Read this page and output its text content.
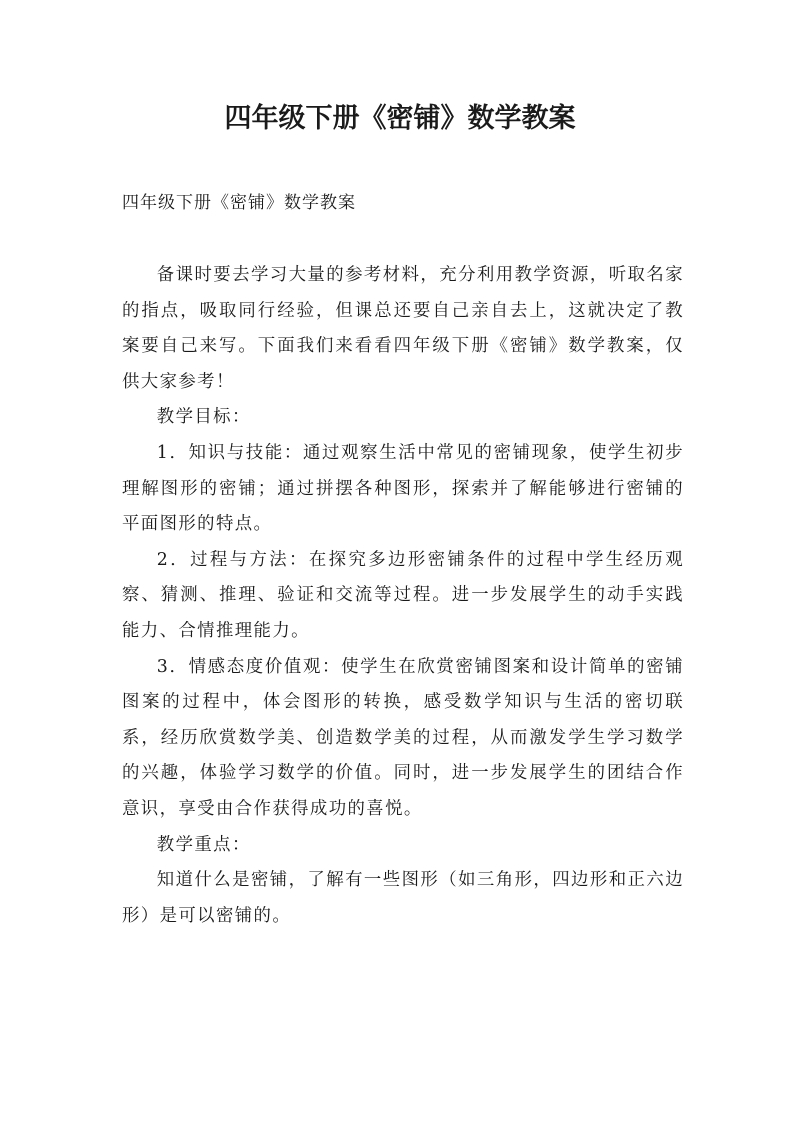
四年级下册《密铺》数学教案

四年级下册《密铺》数学教案

备课时要去学习大量的参考材料，充分利用教学资源，听取名家的指点，吸取同行经验，但课总还要自己亲自去上，这就决定了教案要自己来写。下面我们来看看四年级下册《密铺》数学教案，仅供大家参考！

教学目标：

1．知识与技能：通过观察生活中常见的密铺现象，使学生初步理解图形的密铺；通过拼摆各种图形，探索并了解能够进行密铺的平面图形的特点。

2．过程与方法：在探究多边形密铺条件的过程中学生经历观察、猜测、推理、验证和交流等过程。进一步发展学生的动手实践能力、合情推理能力。

3．情感态度价值观：使学生在欣赏密铺图案和设计简单的密铺图案的过程中，体会图形的转换，感受数学知识与生活的密切联系，经历欣赏数学美、创造数学美的过程，从而激发学生学习数学的兴趣，体验学习数学的价值。同时，进一步发展学生的团结合作意识，享受由合作获得成功的喜悦。

教学重点：

知道什么是密铺，了解有一些图形（如三角形，四边形和正六边形）是可以密铺的。
